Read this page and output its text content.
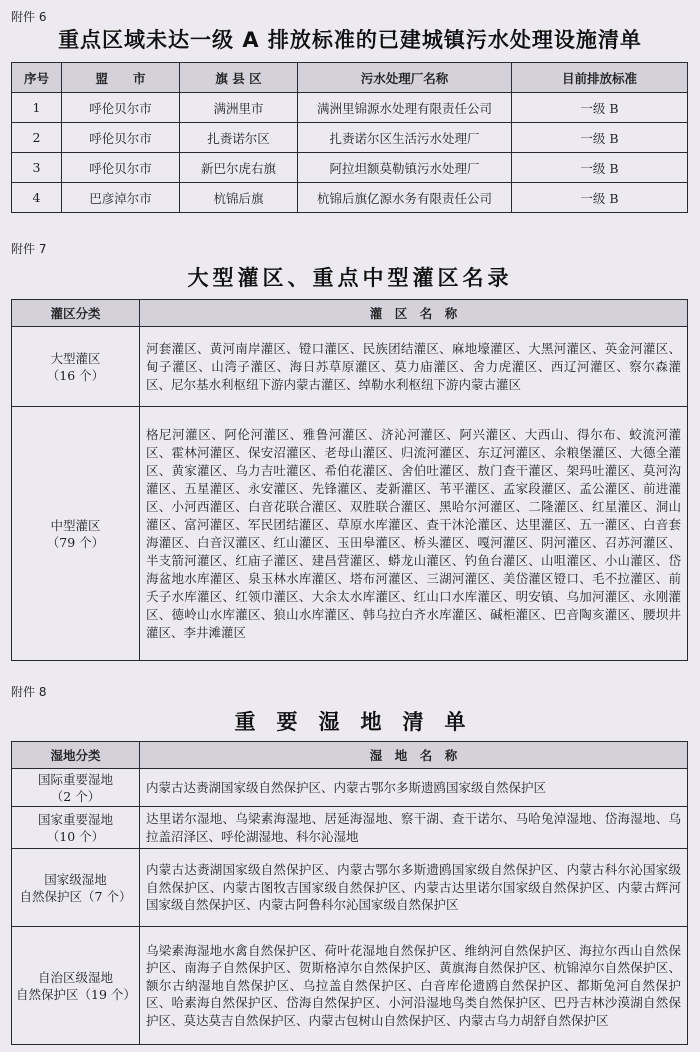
附件 6
重点区域未达一级 A 排放标准的已建城镇污水处理设施清单
序号	盟　　市	旗 县 区	污水处理厂名称	目前排放标准
1	呼伦贝尔市	满洲里市	满洲里锦源水处理有限责任公司	一级 B
2	呼伦贝尔市	扎赉诺尔区	扎赉诺尔区生活污水处理厂	一级 B
3	呼伦贝尔市	新巴尔虎右旗	阿拉坦额莫勒镇污水处理厂	一级 B
4	巴彦淖尔市	杭锦后旗	杭锦后旗亿源水务有限责任公司	一级 B
附件 7
大型灌区、重点中型灌区名录
灌区分类	灌　区　名　称

大型灌区
（16 个）	河套灌区、黄河南岸灌区、镫口灌区、民族团结灌区、麻地壕灌区、大黑河灌区、英金河灌区、甸子灌区、山湾子灌区、海日苏草原灌区、莫力庙灌区、舍力虎灌区、西辽河灌区、察尔森灌区、尼尔基水利枢纽下游内蒙古灌区、绰勒水利枢纽下游内蒙古灌区

中型灌区
（79 个）	格尼河灌区、阿伦河灌区、雅鲁河灌区、济沁河灌区、阿兴灌区、大西山、得尔布、蛟流河灌区、霍林河灌区、保安沼灌区、老母山灌区、归流河灌区、东辽河灌区、余粮堡灌区、大德全灌区、黄家灌区、乌力吉吐灌区、希伯花灌区、舍伯吐灌区、敖门查干灌区、架玛吐灌区、莫河沟灌区、五星灌区、永安灌区、先锋灌区、麦新灌区、苇平灌区、孟家段灌区、孟公灌区、前进灌区、小河西灌区、白音花联合灌区、双胜联合灌区、黑哈尔河灌区、二隆灌区、红星灌区、洞山灌区、富河灌区、军民团结灌区、草原水库灌区、查干沐沦灌区、达里灌区、五一灌区、白音套海灌区、白音汉灌区、红山灌区、玉田皋灌区、桥头灌区、嘎河灌区、阴河灌区、召苏河灌区、半支箭河灌区、红庙子灌区、建昌营灌区、蟒龙山灌区、钓鱼台灌区、山咀灌区、小山灌区、岱海盆地水库灌区、泉玉林水库灌区、塔布河灌区、三湖河灌区、美岱灌区镫口、毛不拉灌区、前夭子水库灌区、红领巾灌区、大余太水库灌区、红山口水库灌区、明安镇、乌加河灌区、永刚灌区、德岭山水库灌区、狼山水库灌区、韩乌拉白齐水库灌区、碱柜灌区、巴音陶亥灌区、腰坝井灌区、李井滩灌区
附件 8
重　要　湿　地　清　单
湿地分类	湿　地　名　称

国际重要湿地
（2 个）	内蒙古达赉湖国家级自然保护区、内蒙古鄂尔多斯遗鸥国家级自然保护区

国家重要湿地
（10 个）	达里诺尔湿地、乌梁素海湿地、居延海湿地、察干湖、查干诺尔、马哈兔淖湿地、岱海湿地、乌拉盖沼泽区、呼伦湖湿地、科尔沁湿地

国家级湿地
自然保护区（7 个）	内蒙古达赉湖国家级自然保护区、内蒙古鄂尔多斯遗鸥国家级自然保护区、内蒙古科尔沁国家级自然保护区、内蒙古图牧吉国家级自然保护区、内蒙古达里诺尔国家级自然保护区、内蒙古辉河国家级自然保护区、内蒙古阿鲁科尔沁国家级自然保护区

自治区级湿地
自然保护区（19 个）	乌梁素海湿地水禽自然保护区、荷叶花湿地自然保护区、维纳河自然保护区、海拉尔西山自然保护区、南海子自然保护区、贺斯格淖尔自然保护区、黄旗海自然保护区、杭锦淖尔自然保护区、额尔古纳湿地自然保护区、乌拉盖自然保护区、白音库伦遗鸥自然保护区、都斯兔河自然保护区、哈素海自然保护区、岱海自然保护区、小河沿湿地鸟类自然保护区、巴丹吉林沙漠湖自然保护区、莫达莫吉自然保护区、内蒙古包树山自然保护区、内蒙古乌力胡舒自然保护区
